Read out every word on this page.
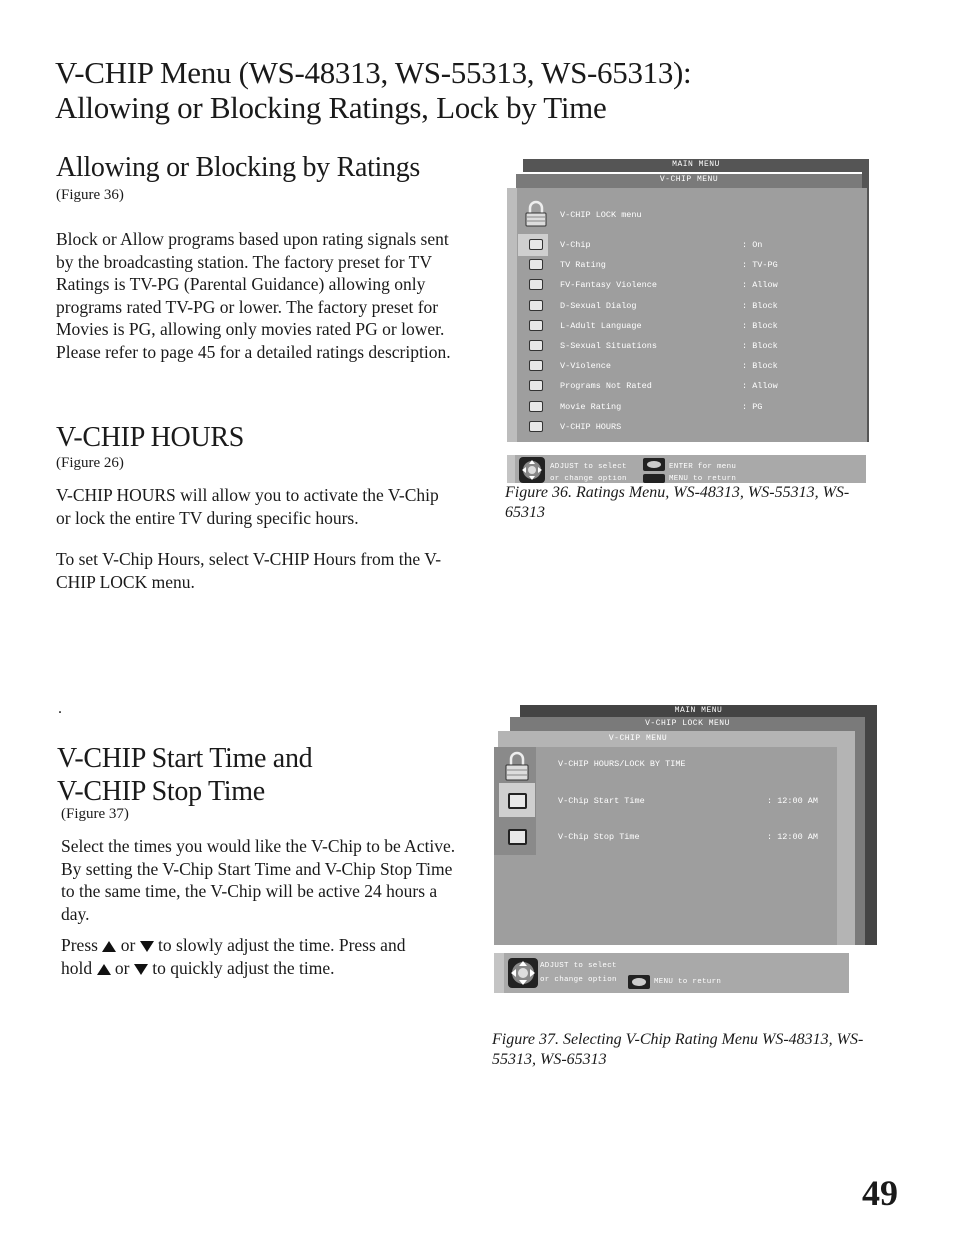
V-CHIP Menu (WS-48313, WS-55313, WS-65313):
Allowing or Blocking Ratings, Lock by Time
Allowing or Blocking by Ratings
(Figure 36)
Block or Allow programs based upon rating signals sent by the broadcasting station. The factory preset for TV Ratings is TV-PG (Parental Guidance) allowing only programs rated TV-PG or lower. The factory preset for Movies is PG, allowing only movies rated PG or lower. Please refer to page 45 for a detailed ratings description.
V-CHIP HOURS
(Figure 26)
V-CHIP HOURS will allow you to activate the V-Chip or lock the entire TV during specific hours.
To set V-Chip Hours, select V-CHIP Hours from the V-CHIP LOCK menu.
.
V-CHIP Start Time and
V-CHIP Stop Time
(Figure 37)
Select the times you would like the V-Chip to be Active. By setting the V-Chip Start Time and V-Chip Stop Time to the same time, the V-Chip will be active 24 hours a day.
Press or to slowly adjust the time. Press and
hold or to quickly adjust the time.
MAIN MENU
V-CHIP MENU
V-CHIP LOCK menu
V-Chip	: On
TV Rating	: TV-PG
FV-Fantasy Violence	: Allow
D-Sexual Dialog	: Block
L-Adult Language	: Block
S-Sexual Situations	: Block
V-Violence	: Block
Programs Not Rated	: Allow
Movie Rating	: PG
V-CHIP HOURS
ADJUST to select
or change option
ENTER for menu
MENU to return
Figure 36. Ratings Menu, WS-48313, WS-55313, WS-65313
MAIN MENU
V-CHIP LOCK MENU
V-CHIP MENU
V-CHIP HOURS/LOCK BY TIME
V-Chip Start Time	: 12:00 AM
V-Chip Stop Time	: 12:00 AM
ADJUST to select
or change option	MENU to return
Figure 37. Selecting V-Chip Rating Menu WS-48313, WS-55313, WS-65313
49
